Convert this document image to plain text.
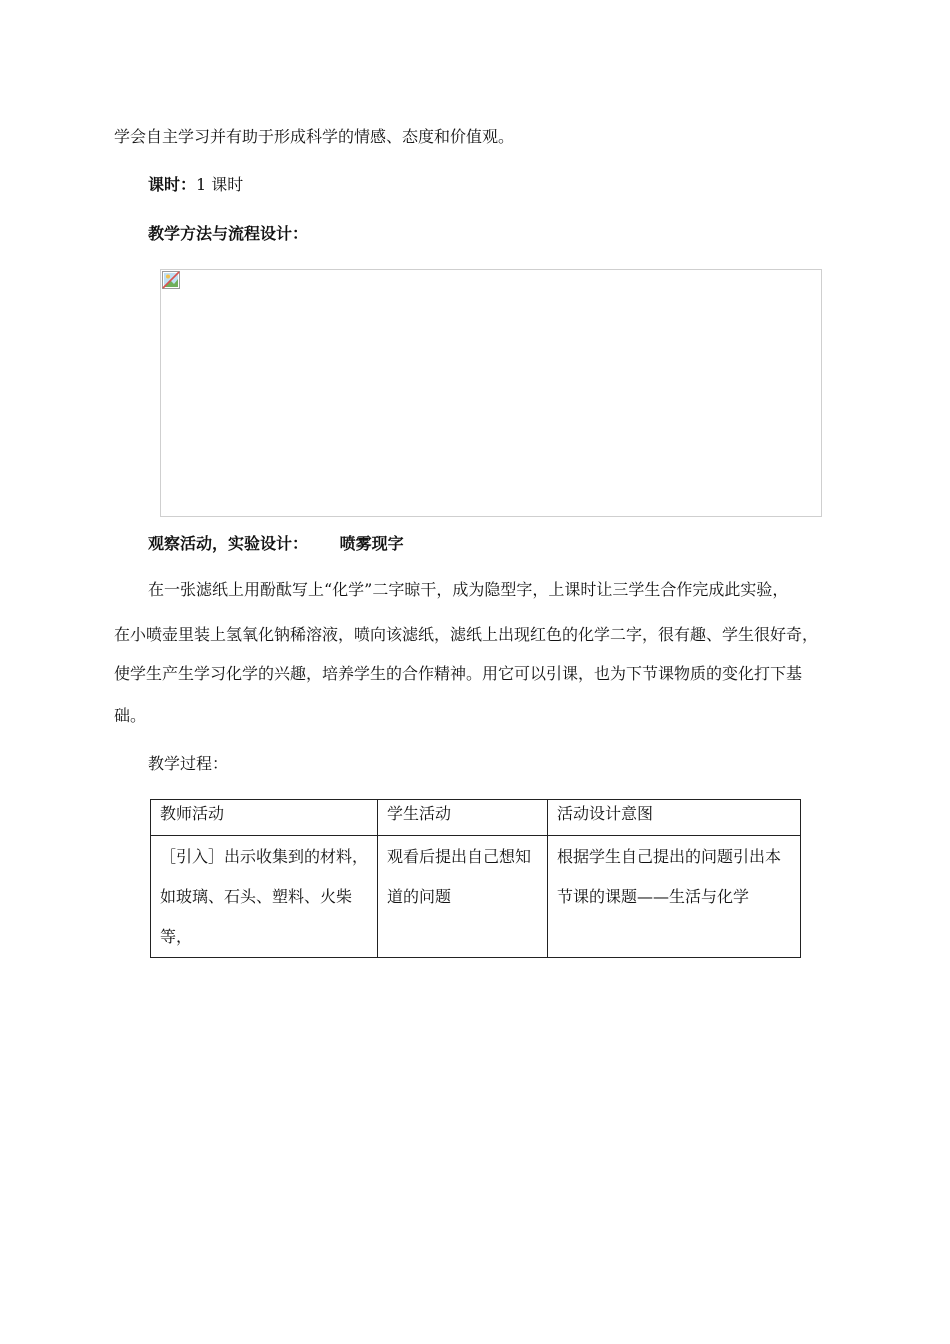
学会自主学习并有助于形成科学的情感、态度和价值观。
课时：1 课时
教学方法与流程设计：
观察活动，实验设计： 喷雾现字
在一张滤纸上用酚酞写上“化学”二字晾干，成为隐型字，上课时让三学生合作完成此实验，
在小喷壶里装上氢氧化钠稀溶液，喷向该滤纸，滤纸上出现红色的化学二字，很有趣、学生很好奇，
使学生产生学习化学的兴趣，培养学生的合作精神。用它可以引课，也为下节课物质的变化打下基
础。
教学过程：
教师活动	学生活动	活动设计意图
［引入］出示收集到的材料，如玻璃、石头、塑料、火柴等，	观看后提出自己想知道的问题	根据学生自己提出的问题引出本节课的课题——生活与化学
